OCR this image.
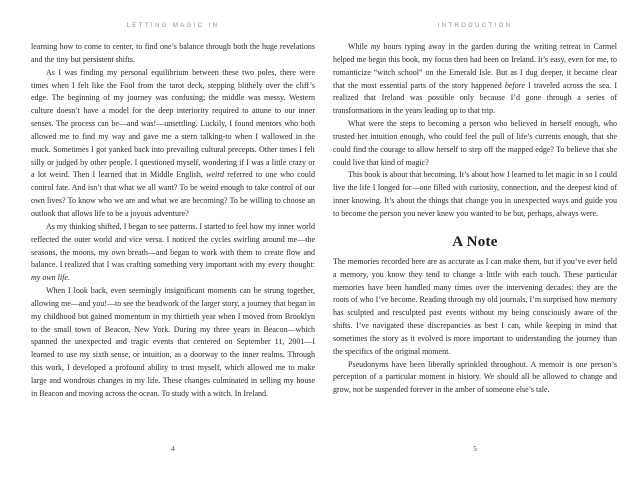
LETTING MAGIC IN

learning how to come to center, to find one’s balance through both the huge revelations and the tiny but persistent shifts.

As I was finding my personal equilibrium between these two poles, there were times when I felt like the Fool from the tarot deck, stepping blithely over the cliff’s edge. The beginning of my journey was confusing; the middle was messy. Western culture doesn’t have a model for the deep interiority required to attune to our inner senses. The process can be—and was!—unsettling. Luckily, I found mentors who both allowed me to find my way and gave me a stern talking-to when I wallowed in the muck. Sometimes I got yanked back into prevailing cultural precepts. Other times I felt silly or judged by other people. I questioned myself, wondering if I was a little crazy or a lot weird. Then I learned that in Middle English, weird referred to one who could control fate. And isn’t that what we all want? To be weird enough to take control of our own lives? To know who we are and what we are becoming? To be willing to choose an outlook that allows life to be a joyous adventure?

As my thinking shifted, I began to see patterns. I started to feel how my inner world reflected the outer world and vice versa. I noticed the cycles swirling around me—the seasons, the moons, my own breath—and began to work with them to create flow and balance. I realized that I was crafting something very important with my every thought: my own life.

When I look back, even seemingly insignificant moments can be strung together, allowing me—and you!—to see the beadwork of the larger story, a journey that began in my childhood but gained momentum in my thirtieth year when I moved from Brooklyn to the small town of Beacon, New York. During my three years in Beacon—which spanned the unexpected and tragic events that centered on September 11, 2001—I learned to use my sixth sense, or intuition, as a doorway to the inner realms. Through this work, I developed a profound ability to trust myself, which allowed me to make large and wondrous changes in my life. These changes culminated in selling my house in Beacon and moving across the ocean. To study with a witch. In Ireland.

INTRODUCTION

While my hours typing away in the garden during the writing retreat in Carmel helped me begin this book, my focus then had been on Ireland. It’s easy, even for me, to romanticize “witch school” on the Emerald Isle. But as I dug deeper, it became clear that the most essential parts of the story happened before I traveled across the sea. I realized that Ireland was possible only because I’d gone through a series of transformations in the years leading up to that trip.

What were the steps to becoming a person who believed in herself enough, who trusted her intuition enough, who could feel the pull of life’s currents enough, that she could find the courage to allow herself to step off the mapped edge? To believe that she could live that kind of magic?

This book is about that becoming. It’s about how I learned to let magic in so I could live the life I longed for—one filled with curiosity, connection, and the deepest kind of inner knowing. It’s about the things that change you in unexpected ways and guide you to become the person you never knew you wanted to be but, perhaps, always were.

A Note

The memories recorded here are as accurate as I can make them, but if you’ve ever held a memory, you know they tend to change a little with each touch. These particular memories have been handled many times over the intervening decades: they are the roots of who I’ve become. Reading through my old journals, I’m surprised how memory has sculpted and resculpted past events without my being consciously aware of the shifts. I’ve navigated these discrepancies as best I can, while keeping in mind that sometimes the story as it evolved is more important to understanding the journey than the specifics of the original moment.

Pseudonyms have been liberally sprinkled throughout. A memoir is one person’s perception of a particular moment in history. We should all be allowed to change and grow, not be suspended forever in the amber of someone else’s tale.

4	5
